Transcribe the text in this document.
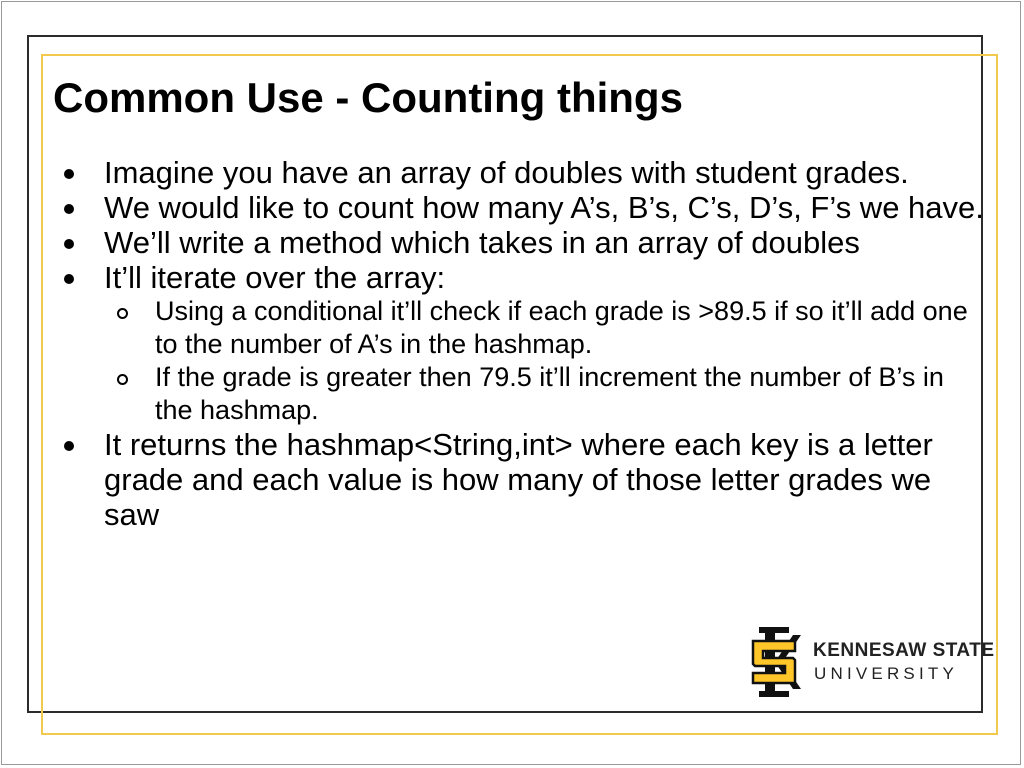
Common Use - Counting things
Imagine you have an array of doubles with student grades.
We would like to count how many A’s, B’s, C’s, D’s, F’s we have.
We’ll write a method which takes in an array of doubles
It’ll iterate over the array:
Using a conditional it’ll check if each grade is >89.5 if so it’ll add one to the number of A’s in the hashmap.
If the grade is greater then 79.5 it’ll increment the number of B’s in the hashmap.
It returns the hashmap<String,int> where each key is a letter grade and each value is how many of those letter grades we saw
KENNESAW STATE
UNIVERSITY
